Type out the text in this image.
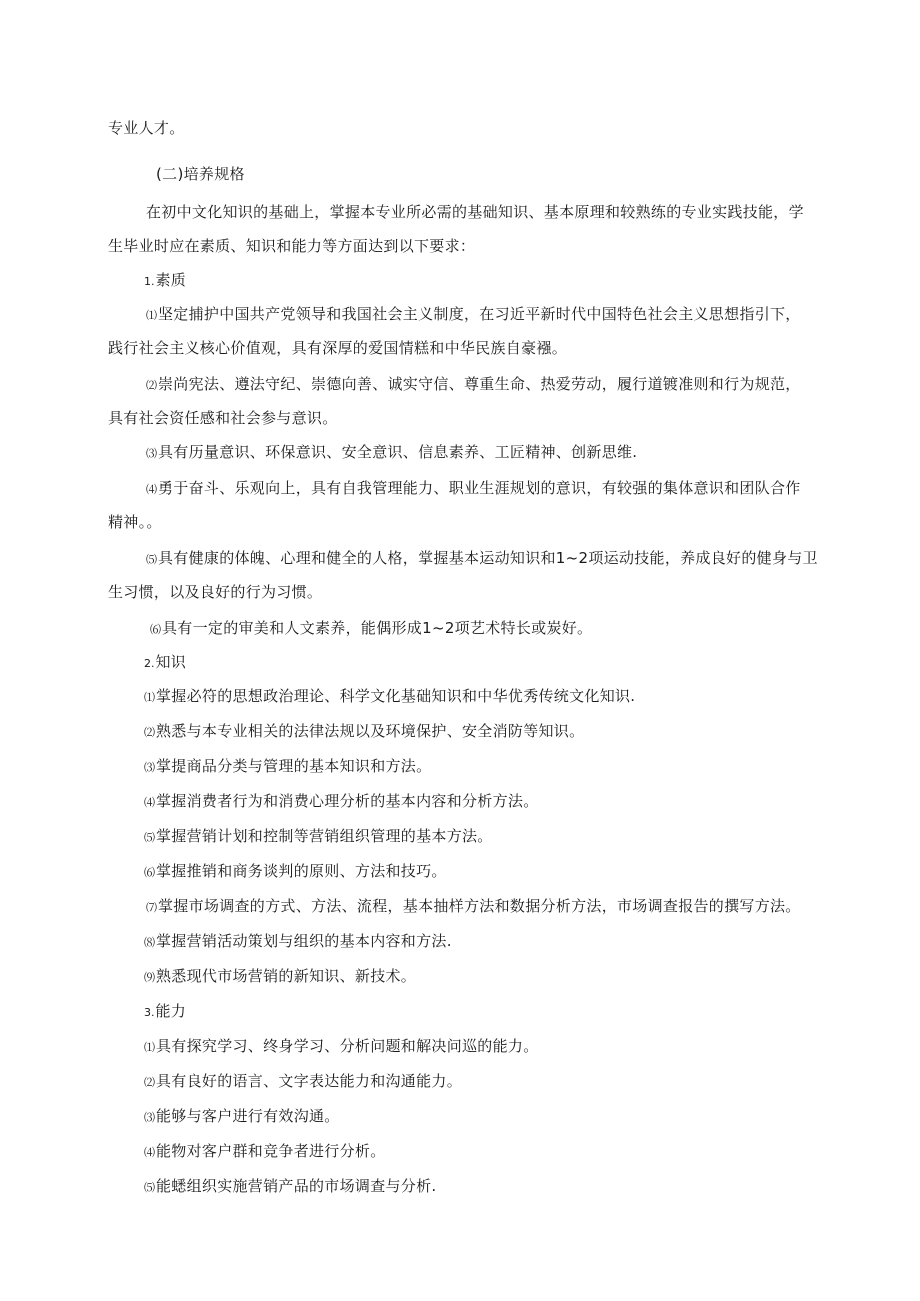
专业人才。
(二)培养规格
在初中文化知识的基础上，掌握本专业所必需的基础知识、基本原理和较熟练的专业实践技能，学
生毕业时应在素质、知识和能力等方面达到以下要求：
1.素质
⑴坚定捕护中国共产党领导和我国社会主义制度，在习近平新时代中国特色社会主义思想指引下，
践行社会主义核心价值观，具有深厚的爱国情糕和中华民族自豪襁。
⑵崇尚宪法、遵法守纪、崇德向善、诚实守信、尊重生命、热爱劳动，履行道镀准则和行为规范，
具有社会资任感和社会参与意识。
⑶具有历量意识、环保意识、安全意识、信息素养、工匠精神、创新思维.
⑷勇于奋斗、乐观向上，具有自我管理能力、职业生涯规划的意识，有较强的集体意识和团队合作
精神。。
⑸具有健康的体魄、心理和健全的人格，掌握基本运动知识和1~2项运动技能，养成良好的健身与卫
生习惯，以及良好的行为习惯。
⑹具有一定的审美和人文素养，能偶形成1~2项艺术特长或炭好。
2.知识
⑴掌握必符的思想政治理论、科学文化基础知识和中华优秀传统文化知识.
⑵熟悉与本专业相关的法律法规以及环境保护、安全消防等知识。
⑶掌提商品分类与管理的基本知识和方法。
⑷掌握消费者行为和消费心理分析的基本内容和分析方法。
⑸掌握营销计划和控制等营销组织管理的基本方法。
⑹掌握推销和商务谈判的原则、方法和技巧。
⑺掌握市场调查的方式、方法、流程，基本抽样方法和数据分析方法，市场调查报告的撰写方法。
⑻掌握营销活动策划与组织的基本内容和方法.
⑼熟悉现代市场营销的新知识、新技术。
3.能力
⑴具有探究学习、终身学习、分析问题和解决问巡的能力。
⑵具有良好的语言、文字表达能力和沟通能力。
⑶能够与客户进行有效沟通。
⑷能物对客户群和竞争者进行分析。
⑸能蟋组织实施营销产品的市场调查与分析.
